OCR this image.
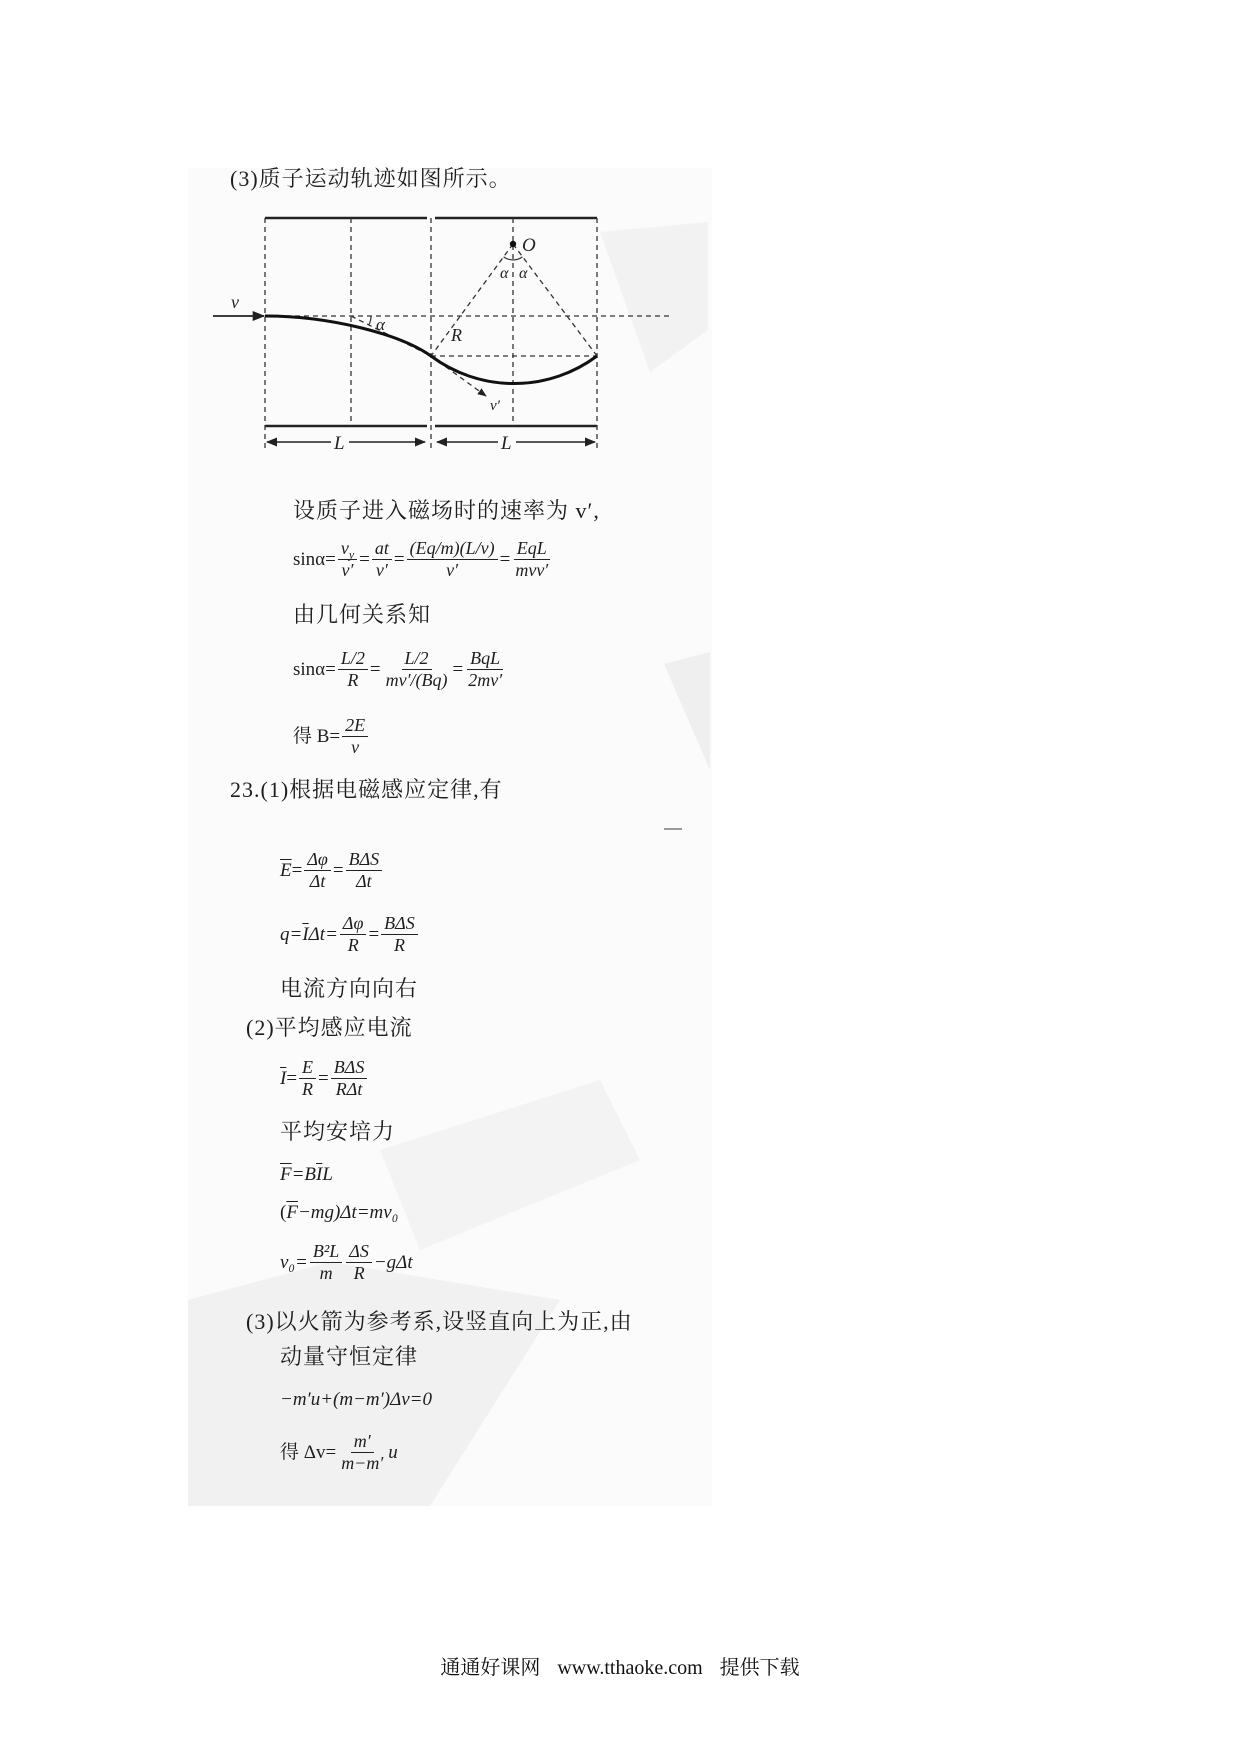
(3)质子运动轨迹如图所示。
v
O
α α
α
R
v′
L	L
设质子进入磁场时的速率为 v′,
$\sin\alpha= \frac{v_y}{v'} = \frac{at}{v'} = \frac{(Eq/m)(L/v)}{v'} = \frac{\text{EqL}}{\text{mvv′}}$
由几何关系知
$\sin\alpha= \frac{L/2}{R} = \frac{L/2}{mv'/(Bq)} = \frac{\text{BqL}}{2mv'}$
得 $B= \frac{2E}{v}$
23.(1)根据电磁感应定律,有
$\overline{E} = \frac{\Delta\varphi}{\Delta t} = \frac{\text{BΔS}}{\Delta t}$
$q= \overline{I}$ $\Delta t= \frac{\Delta\varphi}{R} = \frac{\text{BΔS}}{R}$
电流方向向右
(2)平均感应电流
$\overline{I} = \frac{E}{R} = \frac{\text{BΔS}}{\text{RΔt}}$
平均安培力
$\overline{F} =B$ $\overline{I}$ L
( $\overline{F} -mg)\Delta t=mv_0$
$v_0= \frac{\text{B²L}}{m} \frac{\Delta S}{R} -g\Delta t$
(3)以火箭为参考系,设竖直向上为正,由
动量守恒定律
−m′u+(m−m′)Δv=0
得 $\Delta v= \frac{m'}{m-m'}$ u
通通好课网 www.tthaoke.com 提供下载
